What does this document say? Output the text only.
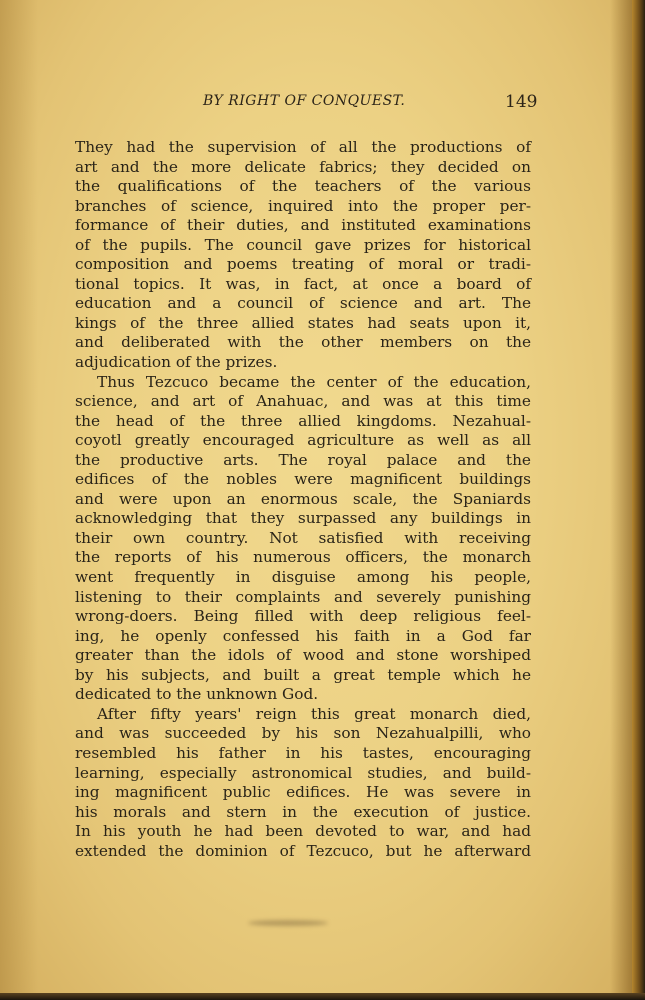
BY RIGHT OF CONQUEST.	149
They had the supervision of all the productions of
art and the more delicate fabrics; they decided on
the qualifications of the teachers of the various
branches of science, inquired into the proper per-
formance of their duties, and instituted examinations
of the pupils. The council gave prizes for historical
composition and poems treating of moral or tradi-
tional topics. It was, in fact, at once a board of
education and a council of science and art. The
kings of the three allied states had seats upon it,
and deliberated with the other members on the
adjudication of the prizes.
Thus Tezcuco became the center of the education,
science, and art of Anahuac, and was at this time
the head of the three allied kingdoms. Nezahual-
coyotl greatly encouraged agriculture as well as all
the productive arts. The royal palace and the
edifices of the nobles were magnificent buildings
and were upon an enormous scale, the Spaniards
acknowledging that they surpassed any buildings in
their own country. Not satisfied with receiving
the reports of his numerous officers, the monarch
went frequently in disguise among his people,
listening to their complaints and severely punishing
wrong-doers. Being filled with deep religious feel-
ing, he openly confessed his faith in a God far
greater than the idols of wood and stone worshiped
by his subjects, and built a great temple which he
dedicated to the unknown God.
After fifty years' reign this great monarch died,
and was succeeded by his son Nezahualpilli, who
resembled his father in his tastes, encouraging
learning, especially astronomical studies, and build-
ing magnificent public edifices. He was severe in
his morals and stern in the execution of justice.
In his youth he had been devoted to war, and had
extended the dominion of Tezcuco, but he afterward
